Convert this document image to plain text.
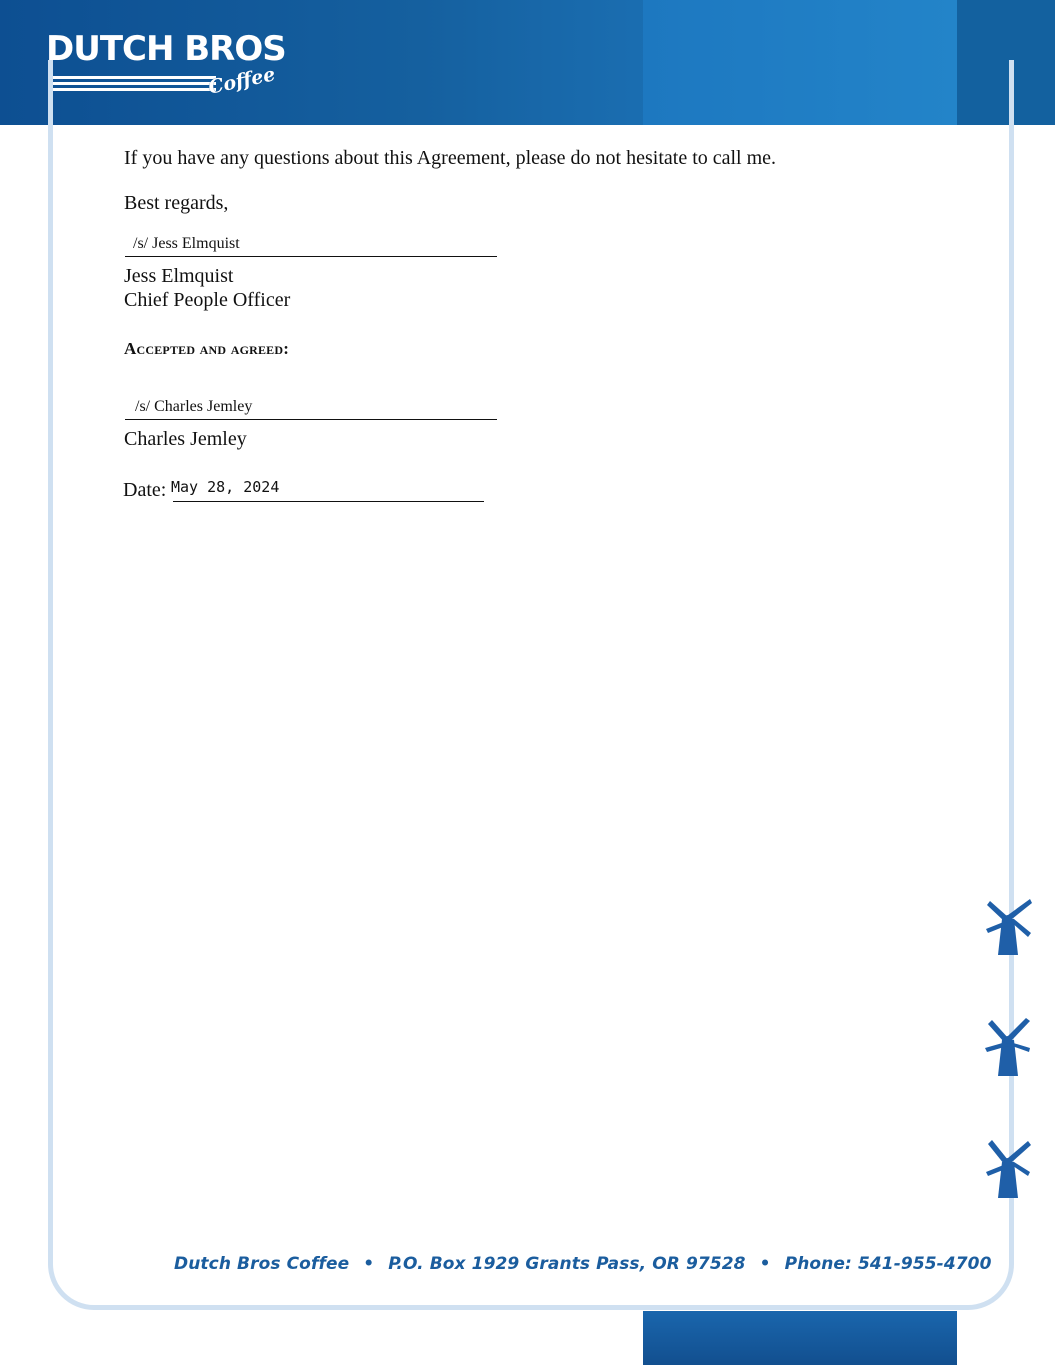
DUTCH BROS
Coffee
If you have any questions about this Agreement, please do not hesitate to call me.
Best regards,
/s/ Jess Elmquist
Jess Elmquist
Chief People Officer
Accepted and agreed:
/s/ Charles Jemley
Charles Jemley
Date: May 28, 2024
Dutch Bros Coffee • P.O. Box 1929 Grants Pass, OR 97528 • Phone: 541-955-4700
